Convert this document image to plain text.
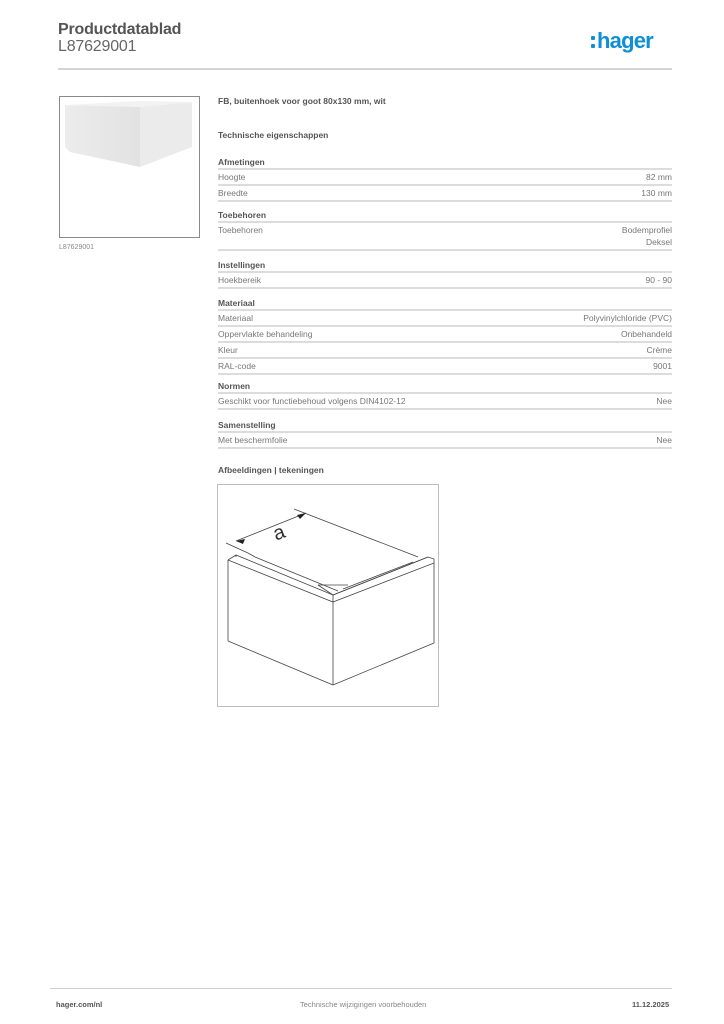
Productdatablad
L87629001	hager
L87629001
FB, buitenhoek voor goot 80x130 mm, wit
Technische eigenschappen
Afmetingen
Hoogte	82 mm
Breedte	130 mm
Toebehoren
Toebehoren	Bodemprofiel
Deksel
Instellingen
Hoekbereik	90 - 90
Materiaal
Materiaal	Polyvinylchloride (PVC)
Oppervlakte behandeling	Onbehandeld
Kleur	Crème
RAL-code	9001
Normen
Geschikt voor functiebehoud volgens DIN4102-12	Nee
Samenstelling
Met beschermfolie	Nee
Afbeeldingen | tekeningen
a
hager.com/nl	Technische wijzigingen voorbehouden	11.12.2025
